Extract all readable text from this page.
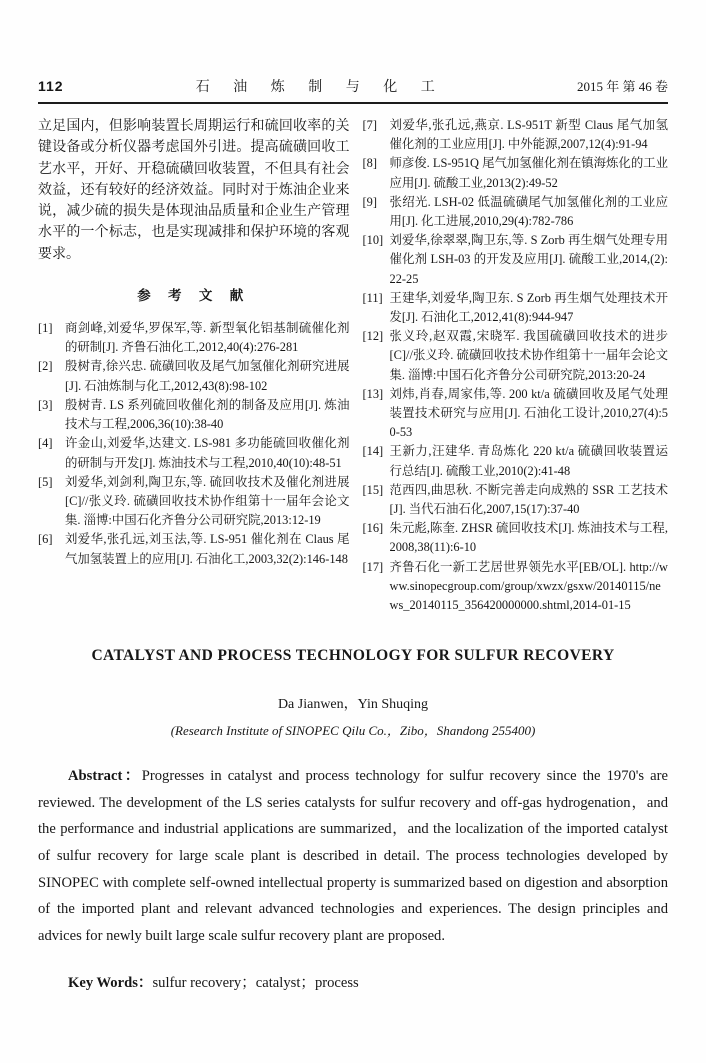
112	石 油 炼 制 与 化 工	2015 年 第 46 卷

立足国内，但影响装置长周期运行和硫回收率的关键设备或分析仪器考虑国外引进。提高硫磺回收工艺水平，开好、开稳硫磺回收装置，不但具有社会效益，还有较好的经济效益。同时对于炼油企业来说，减少硫的损失是体现油品质量和企业生产管理水平的一个标志，也是实现减排和保护环境的客观要求。

参 考 文 献
[1]	商剑峰,刘爱华,罗保军,等. 新型氧化铝基制硫催化剂的研制[J]. 齐鲁石油化工,2012,40(4):276-281
[2]	殷树青,徐兴忠. 硫磺回收及尾气加氢催化剂研究进展[J]. 石油炼制与化工,2012,43(8):98-102
[3]	殷树青. LS 系列硫回收催化剂的制备及应用[J]. 炼油技术与工程,2006,36(10):38-40
[4]	许金山,刘爱华,达建文. LS-981 多功能硫回收催化剂的研制与开发[J]. 炼油技术与工程,2010,40(10):48-51
[5]	刘爱华,刘剑利,陶卫东,等. 硫回收技术及催化剂进展[C]//张义玲. 硫磺回收技术协作组第十一届年会论文集. 淄博:中国石化齐鲁分公司研究院,2013:12-19
[6]	刘爱华,张孔远,刘玉法,等. LS-951 催化剂在 Claus 尾气加氢装置上的应用[J]. 石油化工,2003,32(2):146-148
[7]	刘爱华,张孔远,燕京. LS-951T 新型 Claus 尾气加氢催化剂的工业应用[J]. 中外能源,2007,12(4):91-94
[8]	师彦俊. LS-951Q 尾气加氢催化剂在镇海炼化的工业应用[J]. 硫酸工业,2013(2):49-52
[9]	张绍光. LSH-02 低温硫磺尾气加氢催化剂的工业应用[J]. 化工进展,2010,29(4):782-786
[10] 刘爱华,徐翠翠,陶卫东,等. S Zorb 再生烟气处理专用催化剂 LSH-03 的开发及应用[J]. 硫酸工业,2014,(2):22-25
[11] 王建华,刘爱华,陶卫东. S Zorb 再生烟气处理技术开发[J]. 石油化工,2012,41(8):944-947
[12] 张义玲,赵双霞,宋晓军. 我国硫磺回收技术的进步[C]//张义玲. 硫磺回收技术协作组第十一届年会论文集. 淄博:中国石化齐鲁分公司研究院,2013:20-24
[13] 刘炜,肖春,周家伟,等. 200 kt/a 硫磺回收及尾气处理装置技术研究与应用[J]. 石油化工设计,2010,27(4):50-53
[14] 王新力,汪建华. 青岛炼化 220 kt/a 硫磺回收装置运行总结[J]. 硫酸工业,2010(2):41-48
[15] 范西四,曲思秋. 不断完善走向成熟的 SSR 工艺技术[J]. 当代石油石化,2007,15(17):37-40
[16] 朱元彪,陈奎. ZHSR 硫回收技术[J]. 炼油技术与工程,2008,38(11):6-10
[17] 齐鲁石化一新工艺居世界领先水平[EB/OL]. http://www.sinopecgroup.com/group/xwzx/gsxw/20140115/news_20140115_356420000000.shtml,2014-01-15
CATALYST AND PROCESS TECHNOLOGY FOR SULFUR RECOVERY
Da Jianwen，Yin Shuqing
(Research Institute of SINOPEC Qilu Co.，Zibo，Shandong 255400)

Abstract：Progresses in catalyst and process technology for sulfur recovery since the 1970's are reviewed. The development of the LS series catalysts for sulfur recovery and off-gas hydrogenation，and the performance and industrial applications are summarized，and the localization of the imported catalyst of sulfur recovery for large scale plant is described in detail. The process technologies developed by SINOPEC with complete self-owned intellectual property is summarized based on digestion and absorption of the imported plant and relevant advanced technologies and experiences. The design principles and advices for newly built large scale sulfur recovery plant are proposed.

Key Words：sulfur recovery；catalyst；process
